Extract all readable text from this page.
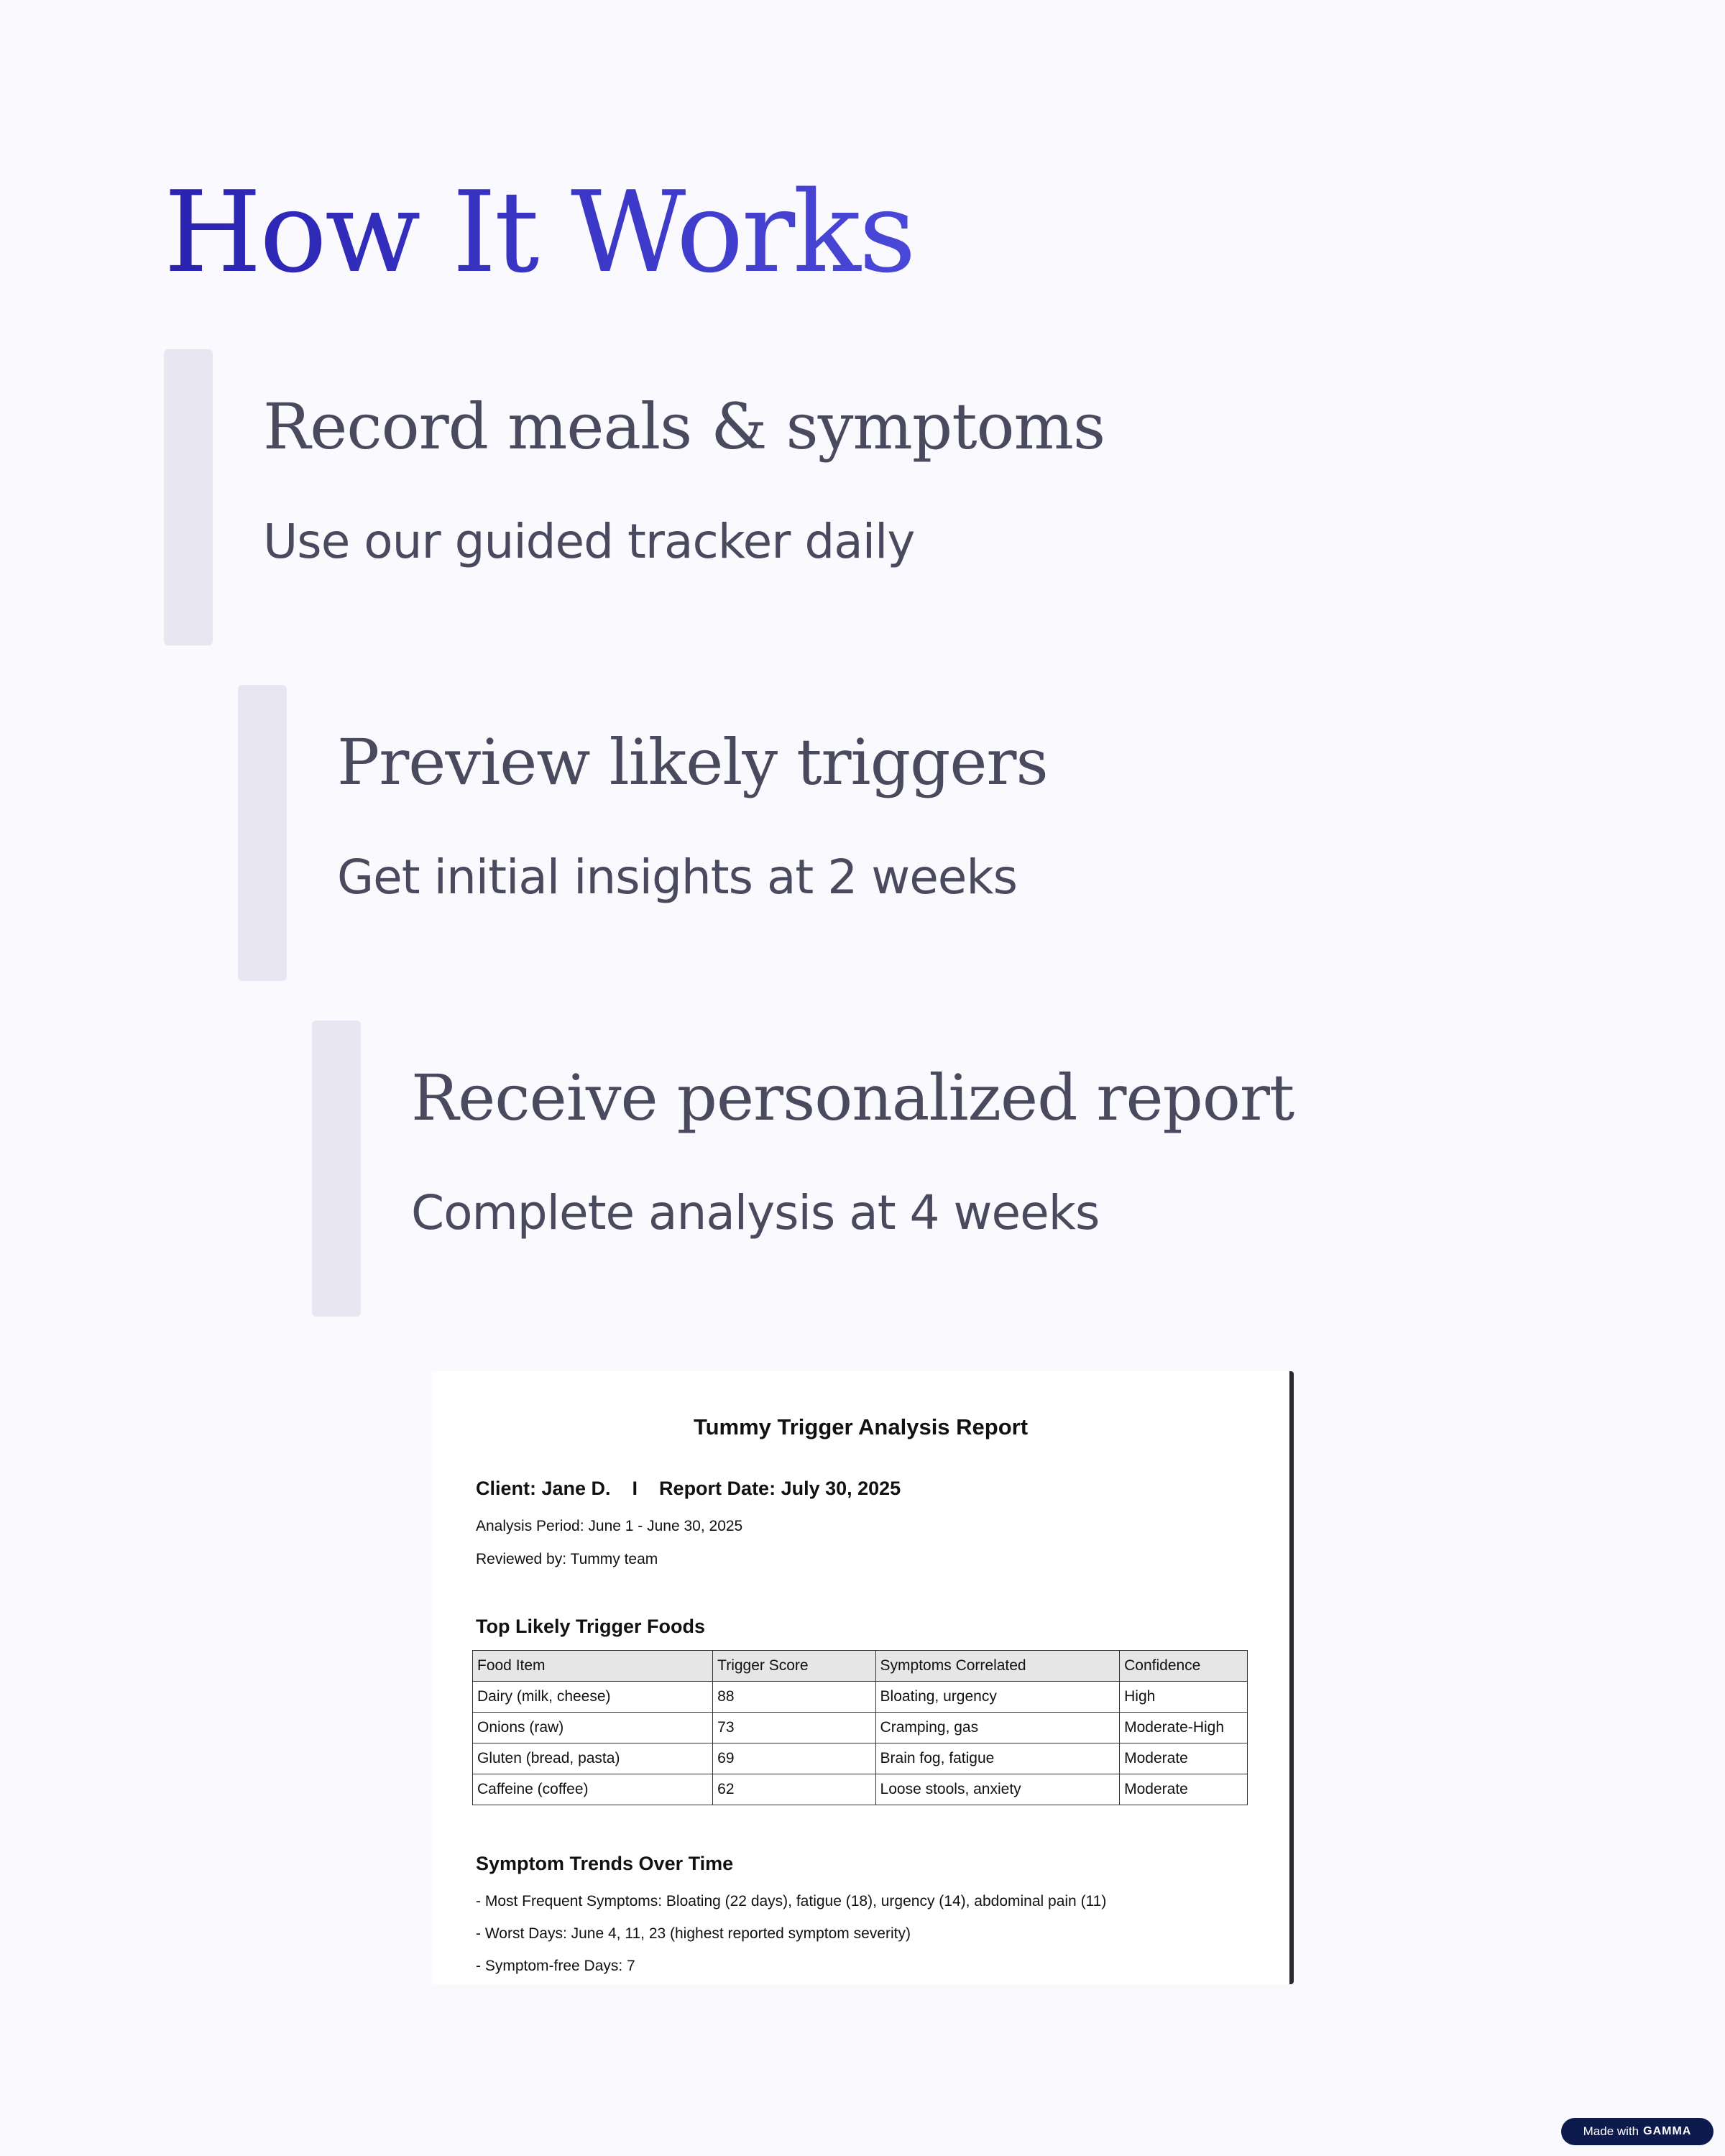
How It Works
Record meals & symptoms

Use our guided tracker daily

Preview likely triggers

Get initial insights at 2 weeks

Receive personalized report

Complete analysis at 4 weeks

Tummy Trigger Analysis Report

Client: Jane D.    I    Report Date: July 30, 2025

Analysis Period: June 1 - June 30, 2025

Reviewed by: Tummy team

Top Likely Trigger Foods

Food Item	Trigger Score	Symptoms Correlated	Confidence
Dairy (milk, cheese)	88	Bloating, urgency	High
Onions (raw)	73	Cramping, gas	Moderate-High
Gluten (bread, pasta)	69	Brain fog, fatigue	Moderate
Caffeine (coffee)	62	Loose stools, anxiety	Moderate

Symptom Trends Over Time

- Most Frequent Symptoms: Bloating (22 days), fatigue (18), urgency (14), abdominal pain (11)

- Worst Days: June 4, 11, 23 (highest reported symptom severity)

- Symptom-free Days: 7

Made with GAMMA
